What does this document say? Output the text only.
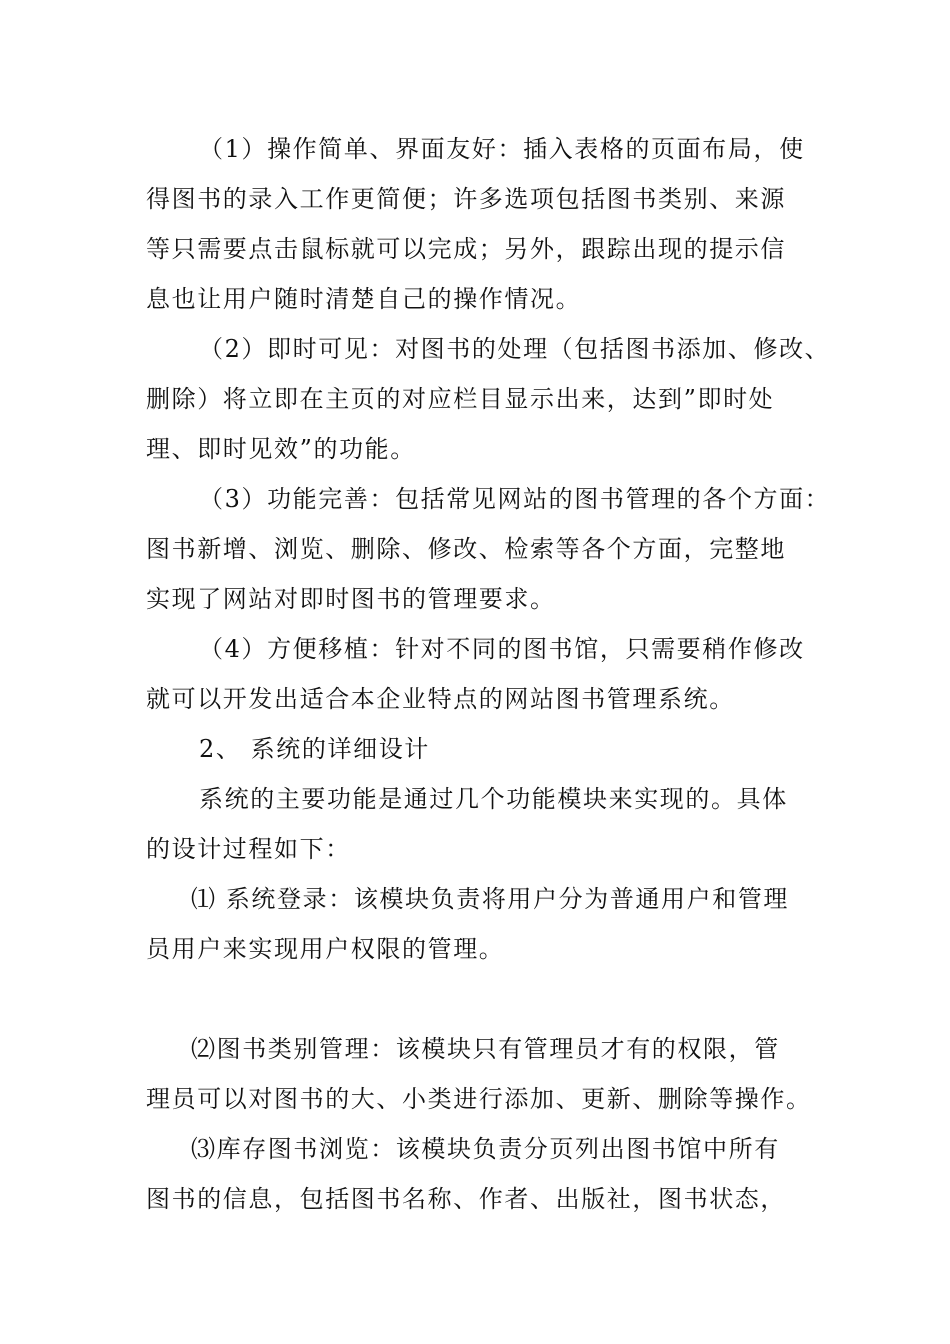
（1）操作简单、界面友好：插入表格的页面布局，使
得图书的录入工作更简便；许多选项包括图书类别、来源
等只需要点击鼠标就可以完成；另外，跟踪出现的提示信
息也让用户随时清楚自己的操作情况。
（2）即时可见：对图书的处理（包括图书添加、修改、
删除）将立即在主页的对应栏目显示出来，达到”即时处
理、即时见效”的功能。
（3）功能完善：包括常见网站的图书管理的各个方面：
图书新增、浏览、删除、修改、检索等各个方面，完整地
实现了网站对即时图书的管理要求。
（4）方便移植：针对不同的图书馆，只需要稍作修改
就可以开发出适合本企业特点的网站图书管理系统。
2、 系统的详细设计
系统的主要功能是通过几个功能模块来实现的。具体
的设计过程如下：
⑴ 系统登录：该模块负责将用户分为普通用户和管理
员用户来实现用户权限的管理。
⑵图书类别管理：该模块只有管理员才有的权限，管
理员可以对图书的大、小类进行添加、更新、删除等操作。
⑶库存图书浏览：该模块负责分页列出图书馆中所有
图书的信息，包括图书名称、作者、出版社，图书状态，
